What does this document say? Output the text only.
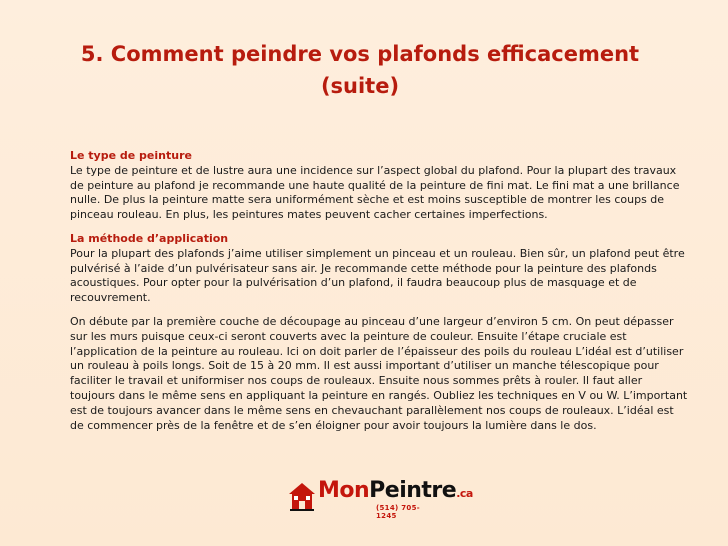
5. Comment peindre vos plafonds efficacement
(suite)

Le type de peinture
Le type de peinture et de lustre aura une incidence sur l’aspect global du plafond. Pour la plupart des travaux de peinture au plafond je recommande une haute qualité de la peinture de fini mat. Le fini mat a une brillance nulle. De plus la peinture matte sera uniformément sèche et est moins susceptible de montrer les coups de pinceau rouleau. En plus, les peintures mates peuvent cacher certaines imperfections.

La méthode d’application
Pour la plupart des plafonds j’aime utiliser simplement un pinceau et un rouleau. Bien sûr, un plafond peut être pulvérisé à l’aide d’un pulvérisateur sans air. Je recommande cette méthode pour la peinture des plafonds acoustiques. Pour opter pour la pulvérisation d’un plafond, il faudra beaucoup plus de masquage et de recouvrement.

On débute par la première couche de découpage au pinceau d’une largeur d’environ 5 cm. On peut dépasser sur les murs puisque ceux-ci seront couverts avec la peinture de couleur. Ensuite l’étape cruciale est l’application de la peinture au rouleau. Ici on doit parler de l’épaisseur des poils du rouleau L’idéal est d’utiliser un rouleau à poils longs. Soit de 15 à 20 mm. Il est aussi important d’utiliser un manche télescopique pour faciliter le travail et uniformiser nos coups de rouleaux. Ensuite nous sommes prêts à rouler. Il faut aller toujours dans le même sens en appliquant la peinture en rangés. Oubliez les techniques en V ou W. L’important est de toujours avancer dans le même sens en chevauchant parallèlement nos coups de rouleaux. L’idéal est de commencer près de la fenêtre et de s’en éloigner pour avoir toujours la lumière dans le dos.

MonPeintre.ca
(514) 705-1245
